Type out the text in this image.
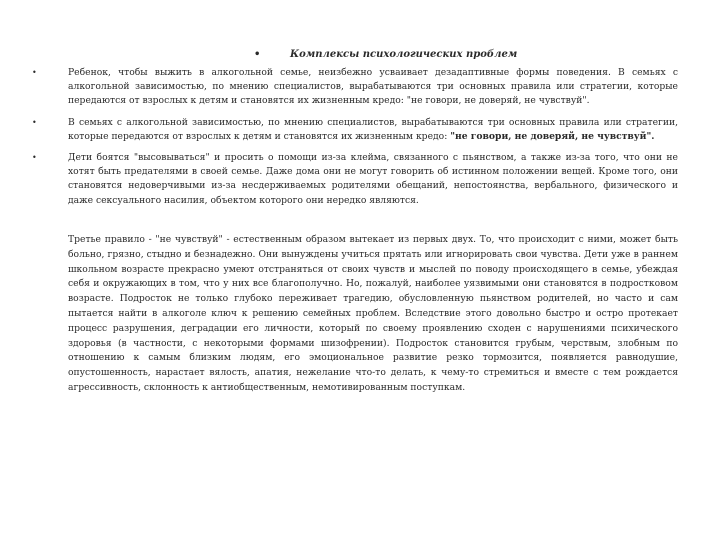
•	Комплексы психологических проблем
•	Ребенок, чтобы выжить в алкогольной семье, неизбежно усваивает дезадаптивные формы поведения. В семьях с алкогольной зависимостью, по мнению специалистов, вырабатываются три основных правила или стратегии, которые передаются от взрослых к детям и становятся их жизненным кредо: "не говори, не доверяй, не чувствуй".
•	В семьях с алкогольной зависимостью, по мнению специалистов, вырабатываются три основных правила или стратегии, которые передаются от взрослых к детям и становятся их жизненным кредо: "не говори, не доверяй, не чувствуй".
•	Дети боятся "высовываться" и просить о помощи из-за клейма, связанного с пьянством, а также из-за того, что они не хотят быть предателями в своей семье. Даже дома они не могут говорить об истинном положении вещей. Кроме того, они становятся недоверчивыми из-за несдерживаемых родителями обещаний, непостоянства, вербального, физического и даже сексуального насилия, объектом которого они нередко являются.

Третье правило - "не чувствуй" - естественным образом вытекает из первых двух. То, что происходит с ними, может быть больно, грязно, стыдно и безнадежно. Они вынуждены учиться прятать или игнорировать свои чувства. Дети уже в раннем школьном возрасте прекрасно умеют отстраняться от своих чувств и мыслей по поводу происходящего в семье, убеждая себя и окружающих в том, что у них все благополучно. Но, пожалуй, наиболее уязвимыми они становятся в подростковом возрасте. Подросток не только глубоко переживает трагедию, обусловленную пьянством родителей, но часто и сам пытается найти в алкоголе ключ к решению семейных проблем. Вследствие этого довольно быстро и остро протекает процесс разрушения, деградации его личности, который по своему проявлению сходен с нарушениями психического здоровья (в частности, с некоторыми формами шизофрении). Подросток становится грубым, черствым, злобным по отношению к самым близким людям, его эмоциональное развитие резко тормозится, появляется равнодушие, опустошенность, нарастает вялость, апатия, нежелание что-то делать, к чему-то стремиться и вместе с тем рождается агрессивность, склонность к антиобщественным, немотивированным поступкам.
